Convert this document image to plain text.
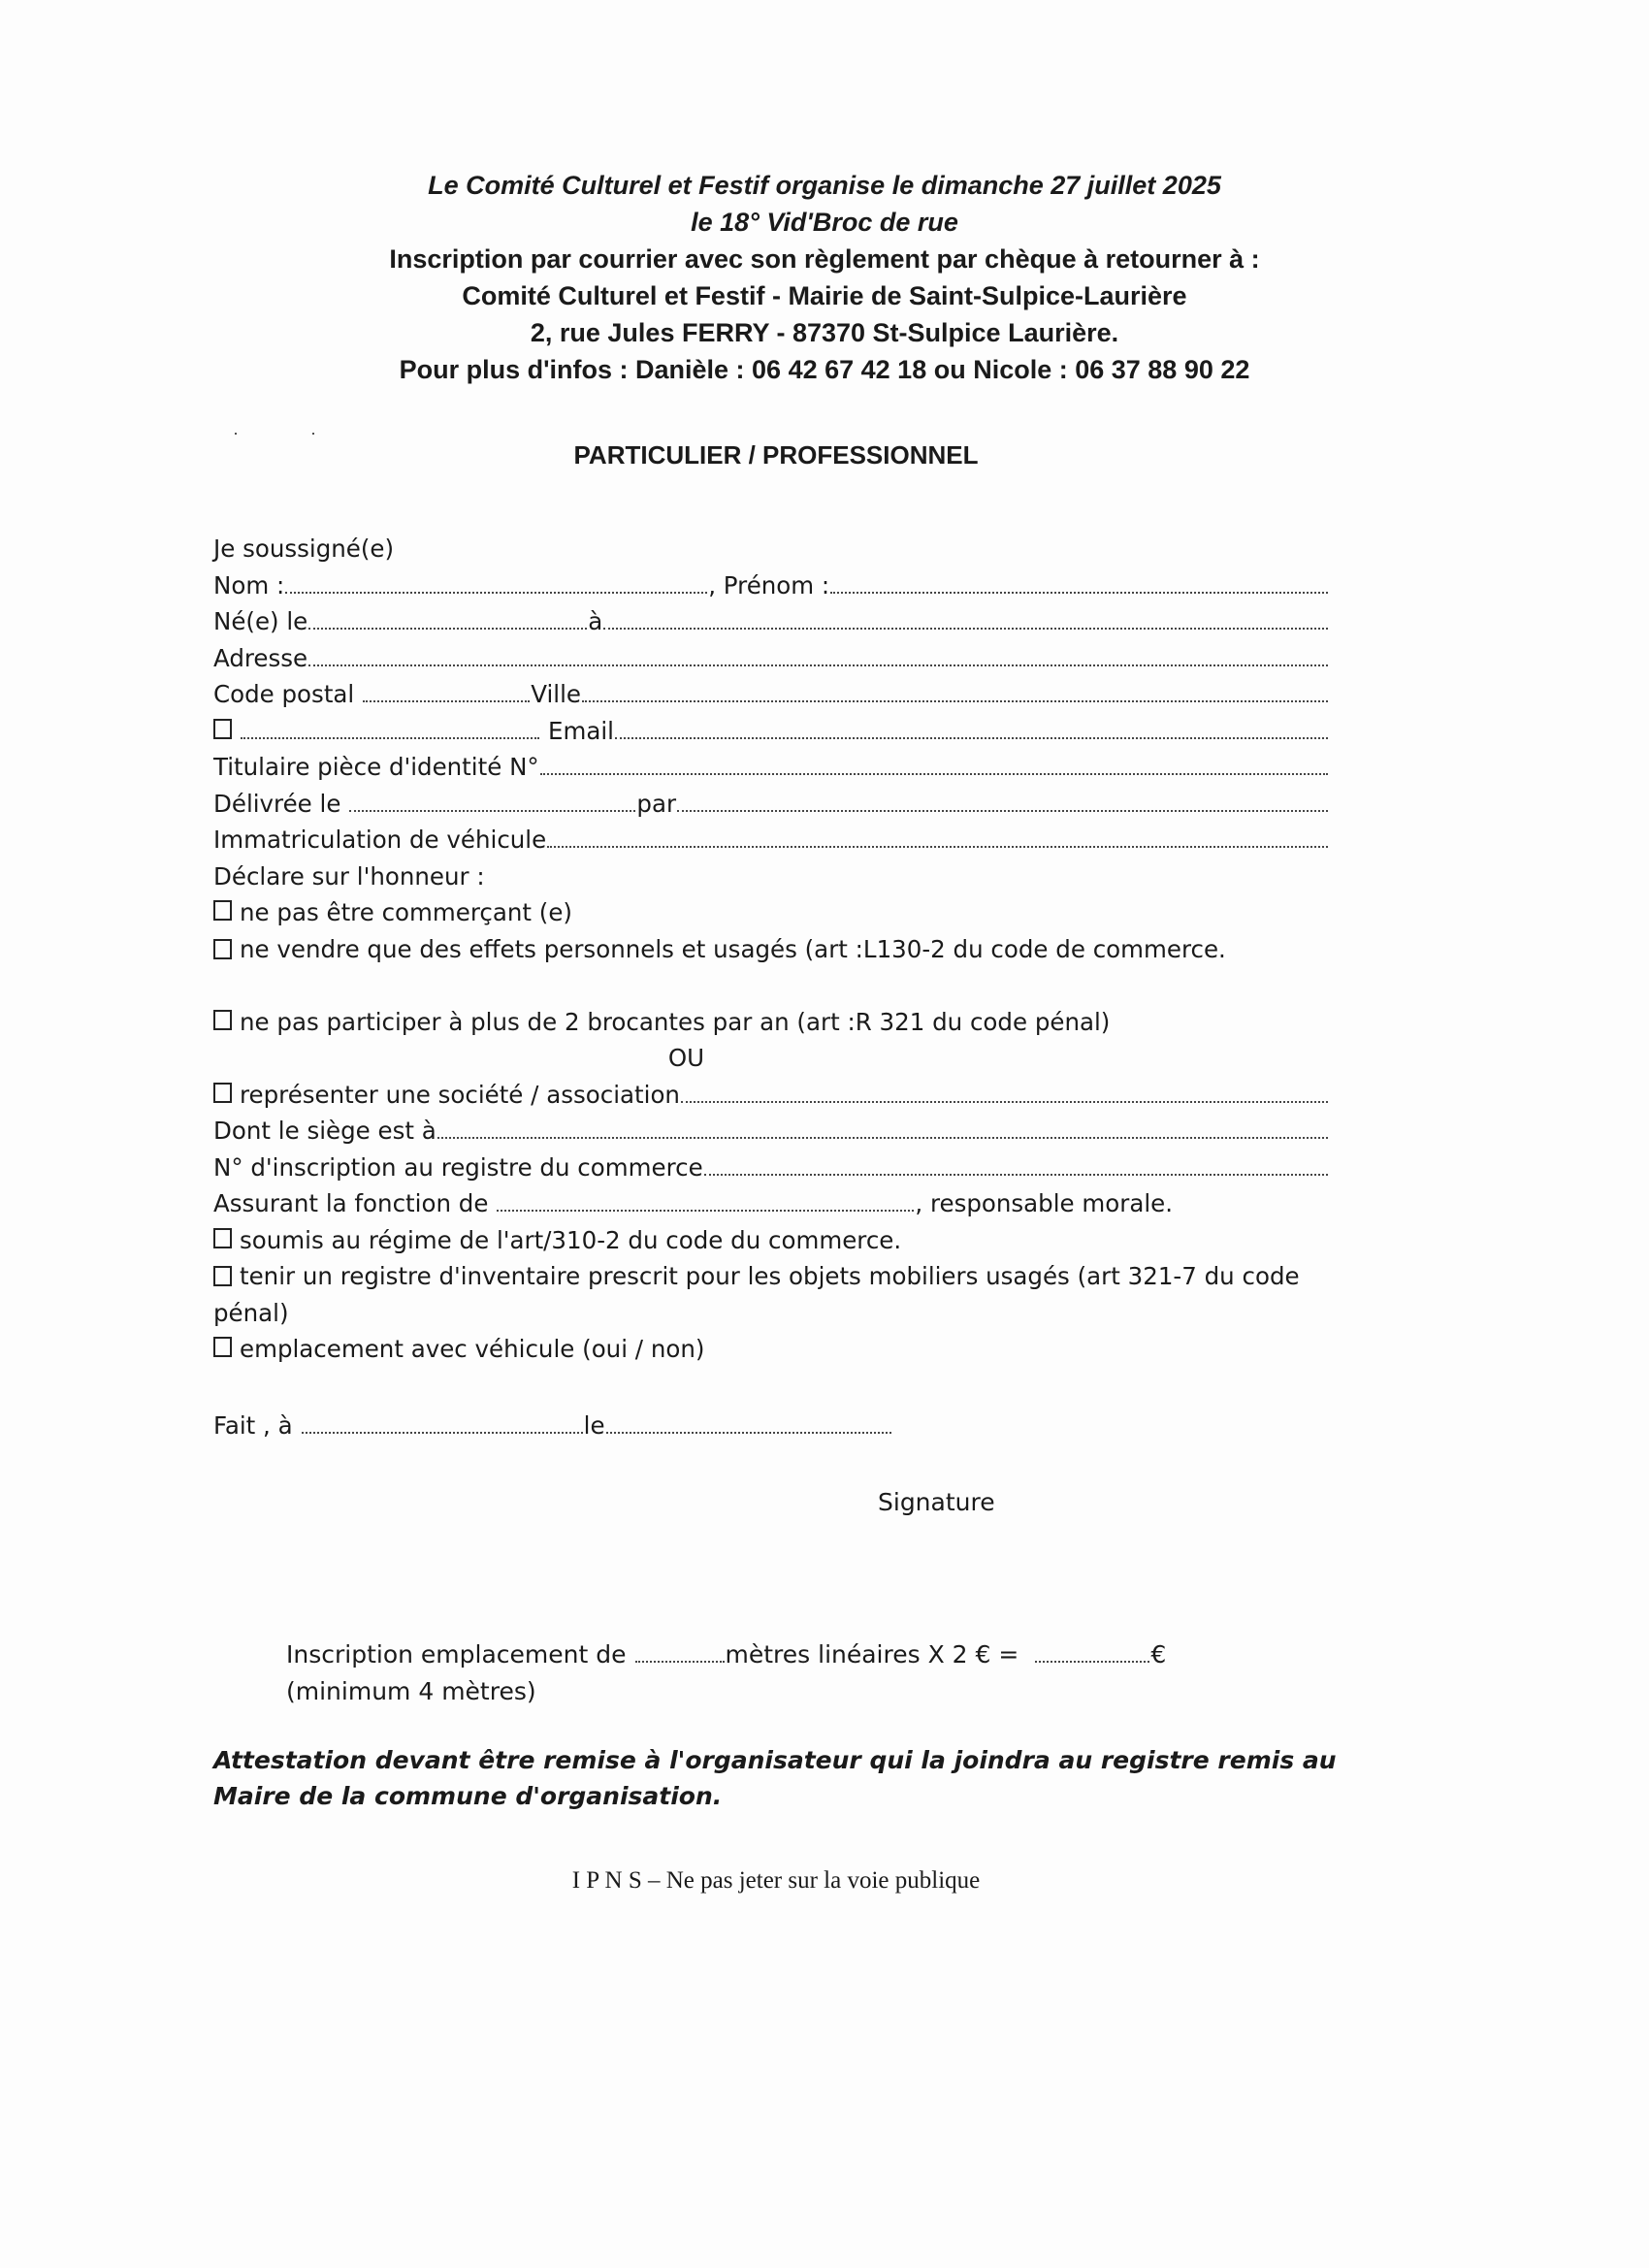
Le Comité Culturel et Festif organise le dimanche 27 juillet 2025
le 18° Vid'Broc de rue
Inscription par courrier avec son règlement par chèque à retourner à :
Comité Culturel et Festif - Mairie de Saint-Sulpice-Laurière
2, rue Jules FERRY - 87370 St-Sulpice Laurière.
Pour plus d'infos : Danièle : 06 42 67 42 18 ou Nicole : 06 37 88 90 22
·	·
PARTICULIER / PROFESSIONNEL
Je soussigné(e)
Nom :	, Prénom :
Né(e) le	à
Adresse
Code postal	Ville
Email
Titulaire pièce d'identité N°
Délivrée le	par
Immatriculation de véhicule
Déclare sur l'honneur :
ne pas être commerçant (e)
ne vendre que des effets personnels et usagés (art :L130-2 du code de commerce.
ne pas participer à plus de 2 brocantes par an (art :R 321 du code pénal)
OU
représenter une société / association
Dont le siège est à
N° d'inscription au registre du commerce
Assurant la fonction de	, responsable morale.
soumis au régime de l'art/310-2 du code du commerce.
tenir un registre d'inventaire prescrit pour les objets mobiliers usagés (art 321-7 du code pénal)
emplacement avec véhicule (oui / non)
Fait , à	le
Signature
Inscription emplacement de	mètres linéaires X 2 € =	€
(minimum 4 mètres)
Attestation devant être remise à l'organisateur qui la joindra au registre remis au Maire de la commune d'organisation.
I P N S – Ne pas jeter sur la voie publique
